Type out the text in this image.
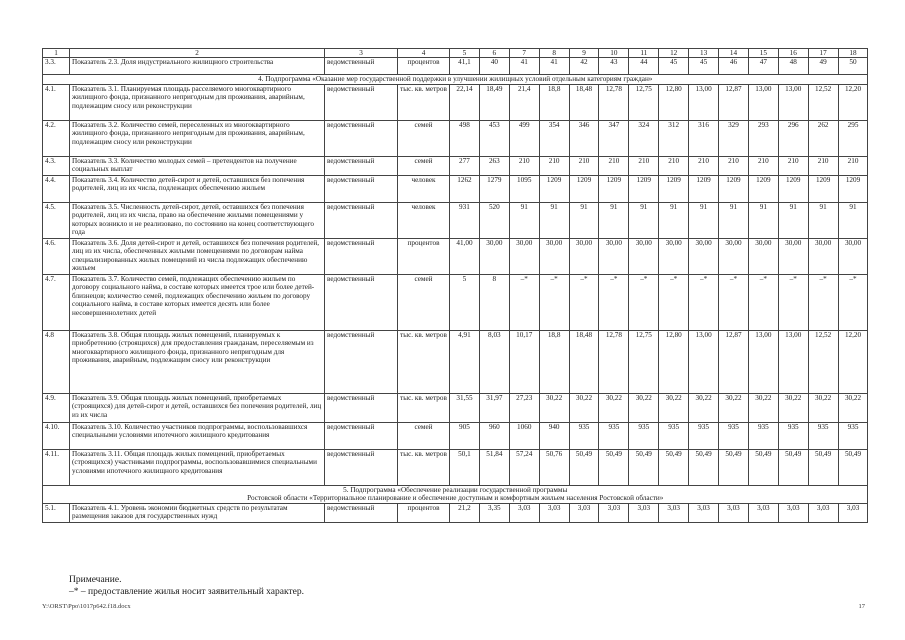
1	2	3	4	5	6	7	8	9	10	11	12	13	14	15	16	17	18
3.3.	Показатель 2.3. Доля индустриального жилищного строительства	ведомственный	процентов	41,1	40	41	41	42	43	44	45	45	46	47	48	49	50

4. Подпрограмма «Оказание мер государственной поддержки в улучшении жилищных условий отдельным категориям граждан»																	

4.1.	Показатель 3.1. Планируемая площадь расселяемого многоквартирного жилищного фонда, признанного непригодным для проживания, аварийным, подлежащим сносу или реконструкции	ведомственный	тыс. кв. метров	22,14	18,49	21,4	18,8	18,48	12,78	12,75	12,80	13,00	12,87	13,00	13,00	12,52	12,20
4.2.	Показатель 3.2. Количество семей, переселенных из многоквартирного жилищного фонда, признанного непригодным для проживания, аварийным, подлежащим сносу или реконструкции	ведомственный	семей	498	453	499	354	346	347	324	312	316	329	293	296	262	295
4.3.	Показатель 3.3. Количество молодых семей – претендентов на получение социальных выплат	ведомственный	семей	277	263	210	210	210	210	210	210	210	210	210	210	210	210
4.4.	Показатель 3.4. Количество детей-сирот и детей, оставшихся без попечения родителей, лиц из их числа, подлежащих обеспечению жильем	ведомственный	человек	1262	1279	1095	1209	1209	1209	1209	1209	1209	1209	1209	1209	1209	1209
4.5.	Показатель 3.5. Численность детей-сирот, детей, оставшихся без попечения родителей, лиц из их числа, право на обеспечение жилыми помещениями у которых возникло и не реализовано, по состоянию на конец соответствующего года	ведомственный	человек	931	520	91	91	91	91	91	91	91	91	91	91	91	91
4.6.	Показатель 3.6. Доля детей-сирот и детей, оставшихся без попечения родителей, лиц из их числа, обеспеченных жилыми помещениями по договорам найма специализированных жилых помещений из числа подлежащих обеспечению жильем	ведомственный	процентов	41,00	30,00	30,00	30,00	30,00	30,00	30,00	30,00	30,00	30,00	30,00	30,00	30,00	30,00
4.7.	Показатель 3.7. Количество семей, подлежащих обеспечению жильем по договору социального найма, в составе которых имеется трое или более детей-близнецов; количество семей, подлежащих обеспечению жильем по договору социального найма, в составе которых имеется десять или более несовершеннолетних детей	ведомственный	семей	5	8	–*	–*	–*	–*	–*	–*	–*	–*	–*	–*	–*	–*
4.8	Показатель 3.8. Общая площадь жилых помещений, планируемых к приобретению (строящихся) для предоставления гражданам, переселяемым из многоквартирного жилищного фонда, признанного непригодным для проживания, аварийным, подлежащим сносу или реконструкции	ведомственный	тыс. кв. метров	4,91	8,03	10,17	18,8	18,48	12,78	12,75	12,80	13,00	12,87	13,00	13,00	12,52	12,20
4.9.	Показатель 3.9. Общая площадь жилых помещений, приобретаемых (строящихся) для детей-сирот и детей, оставшихся без попечения родителей, лиц из их числа	ведомственный	тыс. кв. метров	31,55	31,97	27,23	30,22	30,22	30,22	30,22	30,22	30,22	30,22	30,22	30,22	30,22	30,22
4.10.	Показатель 3.10. Количество участников подпрограммы, воспользовавшихся специальными условиями ипотечного жилищного кредитования	ведомственный	семей	905	960	1060	940	935	935	935	935	935	935	935	935	935	935
4.11.	Показатель 3.11. Общая площадь жилых помещений, приобретаемых (строящихся) участниками подпрограммы, воспользовавшимися специальными условиями ипотечного жилищного кредитования	ведомственный	тыс. кв. метров	50,1	51,84	57,24	50,76	50,49	50,49	50,49	50,49	50,49	50,49	50,49	50,49	50,49	50,49

5. Подпрограмма «Обеспечение реализации государственной программы
Ростовской области «Территориальное планирование и обеспечение доступным и комфортным жильем населения Ростовской области»																	

5.1.	Показатель 4.1. Уровень экономии бюджетных средств по результатам размещения заказов для государственных нужд	ведомственный	процентов	21,2	3,35	3,03	3,03	3,03	3,03	3,03	3,03	3,03	3,03	3,03	3,03	3,03	3,03
Примечание.
–* – предоставление жилья носит заявительный характер.
Y:\ORST\Ppo\1017p642.f18.docx	17
